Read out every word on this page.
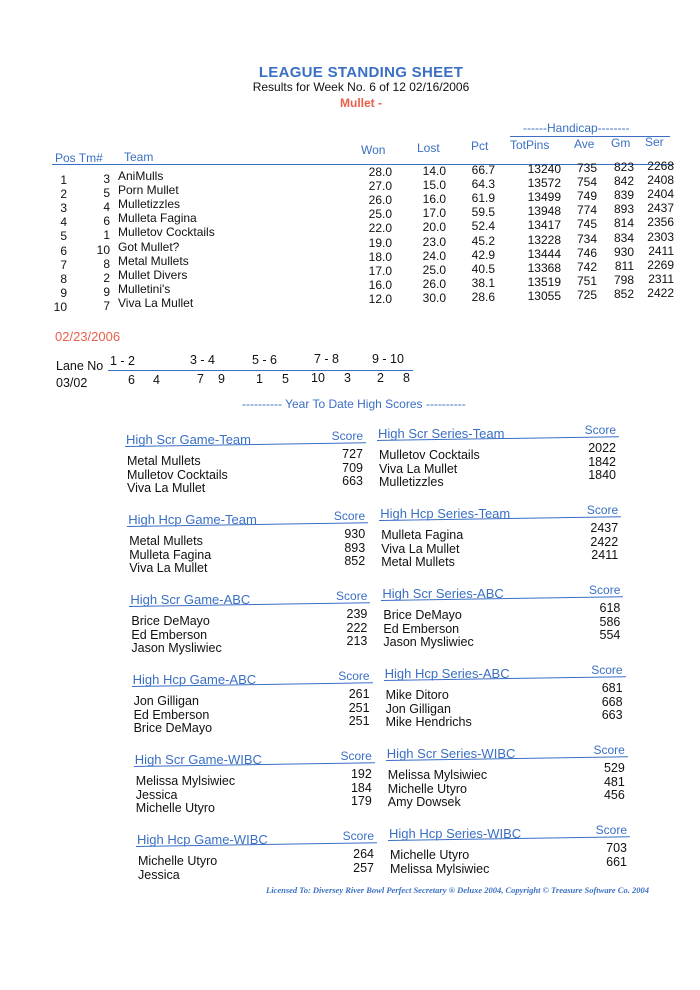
LEAGUE STANDING SHEET
Results for Week No. 6 of 12 02/16/2006
Mullet -
------Handicap--------
Pos Tm# Team	Won	Lost	Pct TotPins Ave Gm Ser
1	3 AniMulls	28.0	14.0	66.7	13240	735	823	2268
2	5 Porn Mullet	27.0	15.0	64.3	13572	754	842	2408
3	4 Mulletizzles	26.0	16.0	61.9	13499	749	839	2404
4	6 Mulleta Fagina	25.0	17.0	59.5	13948	774	893	2437
5	1 Mulletov Cocktails	22.0	20.0	52.4	13417	745	814	2356
6	10 Got Mullet?	19.0	23.0	45.2	13228	734	834	2303
7	8 Metal Mullets	18.0	24.0	42.9	13444	746	930	2411
8	2 Mullet Divers	17.0	25.0	40.5	13368	742	811	2269
9	9 Mulletini's	16.0	26.0	38.1	13519	751	798	2311
10	7 Viva La Mullet	12.0	30.0	28.6	13055	725	852	2422
02/23/2006
Lane No
03/02
1 - 2
6 4
3 - 4
7 9
5 - 6
1 5
7 - 8
10 3
9 - 10
2 8
---------- Year To Date High Scores ----------
High Scr Game-Team	Score
Metal Mullets	727
Mulletov Cocktails	709
Viva La Mullet	663
High Scr Series-Team	Score
Mulletov Cocktails	2022
Viva La Mullet	1842
Mulletizzles	1840
High Hcp Game-Team	Score
Metal Mullets	930
Mulleta Fagina	893
Viva La Mullet	852
High Hcp Series-Team	Score
Mulleta Fagina	2437
Viva La Mullet	2422
Metal Mullets	2411
High Scr Game-ABC	Score
Brice DeMayo	239
Ed Emberson	222
Jason Mysliwiec	213
High Scr Series-ABC	Score
Brice DeMayo	618
Ed Emberson	586
Jason Mysliwiec	554
High Hcp Game-ABC	Score
Jon Gilligan	261
Ed Emberson	251
Brice DeMayo	251
High Hcp Series-ABC	Score
Mike Ditoro	681
Jon Gilligan	668
Mike Hendrichs	663
High Scr Game-WIBC	Score
Melissa Mylsiwiec	192
Jessica	184
Michelle Utyro	179
High Scr Series-WIBC	Score
Melissa Mylsiwiec	529
Michelle Utyro	481
Amy Dowsek	456
High Hcp Game-WIBC	Score
Michelle Utyro	264
Jessica	257
High Hcp Series-WIBC	Score
Michelle Utyro	703
Melissa Mylsiwiec	661
Licensed To: Diversey River Bowl Perfect Secretary ® Deluxe 2004, Copyright © Treasure Software Co. 2004
